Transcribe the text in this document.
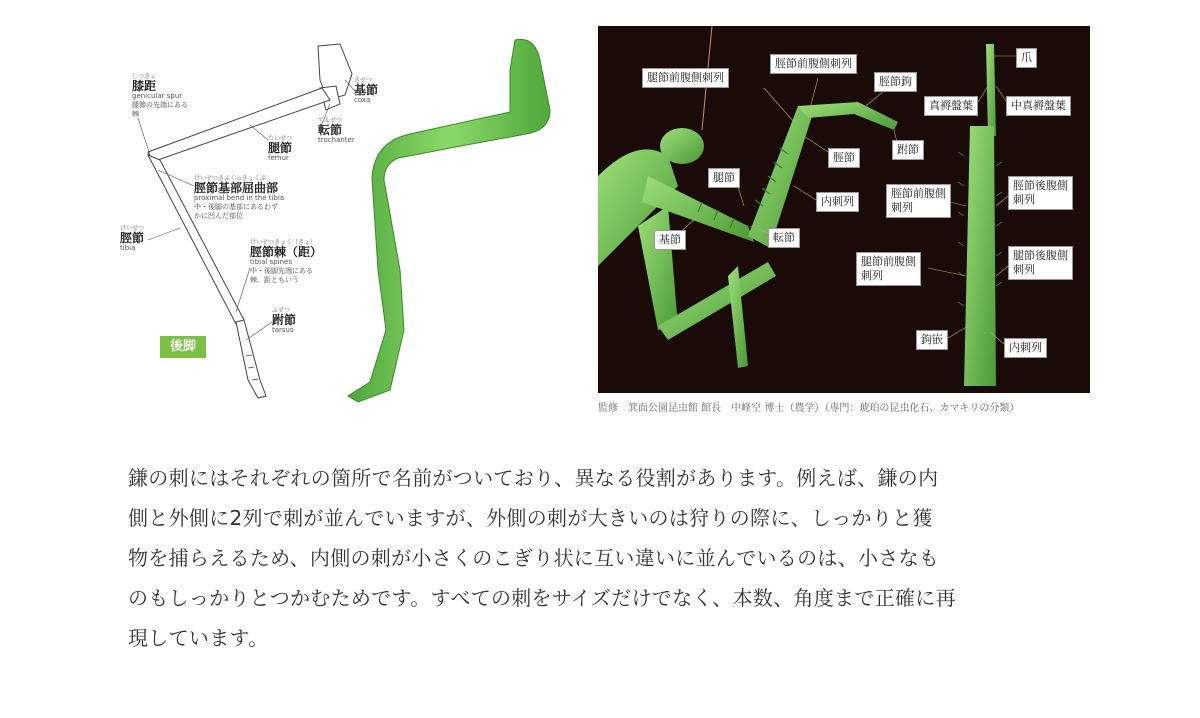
しつきょ
膝距
genicular spur
腿節の先端にある
棘
きせつ
基節
coxa
てんせつ
転節
trochanter
たいせつ
腿節
femur
けいせつきぶくっきょくぶ
脛節基部屈曲部
proximal bend in the tibia
中・後脚の基部にあるわず
かに凹んだ部位
けいせつ
脛節
tibia
けいせつきょく（きょ）
脛節棘（距）
tibial spines
中・後脚先端にある
棘。距ともいう
ふせつ
跗節
tarsus
後脚
腿節前腹側刺列
脛節前腹側刺列
脛節鉤
爪
真褥盤葉	中真褥盤葉
脛節
跗節
腿節
内刺列
基節	転節
脛節前腹側
刺列
脛節後腹側
刺列
腿節前腹側
刺列
腿節後腹側
刺列
鉤嵌
内刺列
監修　箕面公園昆虫館 館長　中峰空 博士（農学）（専門：琥珀の昆虫化石、カマキリの分類）

鎌の刺にはそれぞれの箇所で名前がついており、異なる役割があります。例えば、鎌の内

側と外側に2列で刺が並んでいますが、外側の刺が大きいのは狩りの際に、しっかりと獲

物を捕らえるため、内側の刺が小さくのこぎり状に互い違いに並んでいるのは、小さなも

のもしっかりとつかむためです。すべての刺をサイズだけでなく、本数、角度まで正確に再

現しています。
